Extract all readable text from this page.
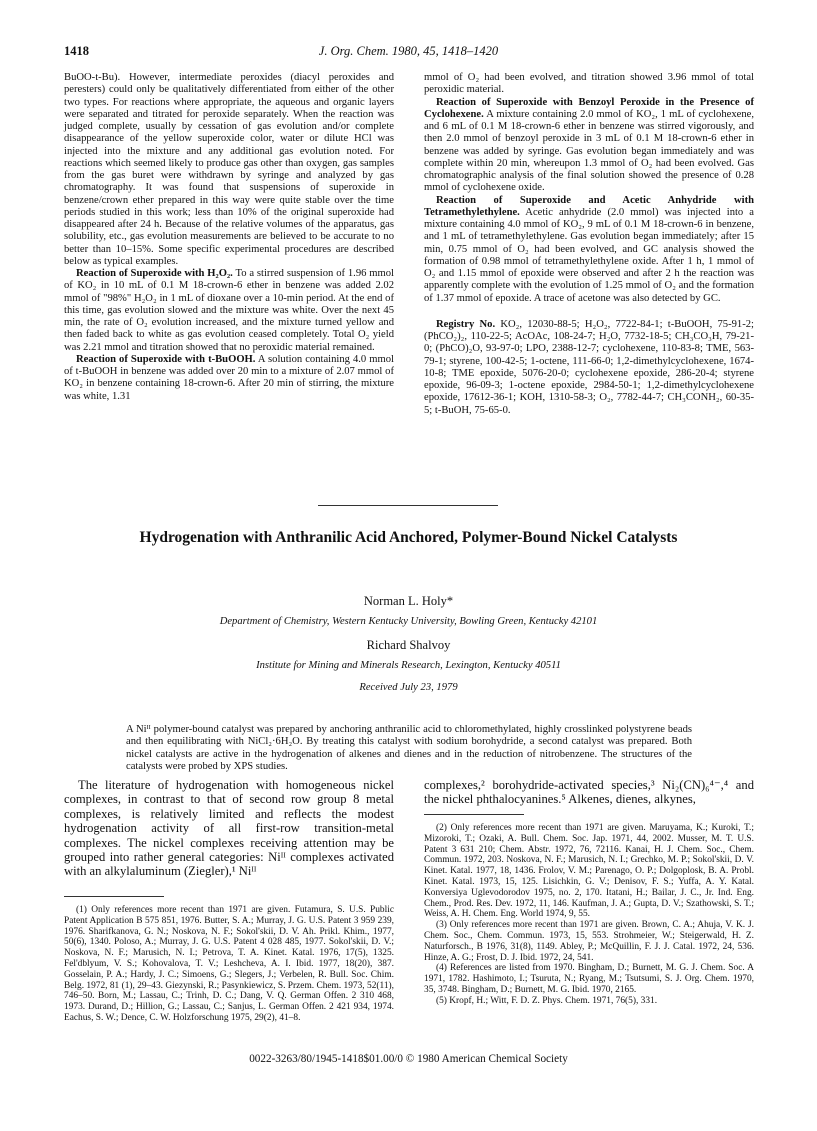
1418	J. Org. Chem. 1980, 45, 1418–1420

BuOO-t-Bu). However, intermediate peroxides (diacyl peroxides and peresters) could only be qualitatively differentiated from either of the other two types. For reactions where appropriate, the aqueous and organic layers were separated and titrated for peroxide separately. When the reaction was judged complete, usually by cessation of gas evolution and/or complete disappearance of the yellow superoxide color, water or dilute HCl was injected into the mixture and any additional gas evolution noted. For reactions which seemed likely to produce gas other than oxygen, gas samples from the gas buret were withdrawn by syringe and analyzed by gas chromatography. It was found that suspensions of superoxide in benzene/crown ether prepared in this way were quite stable over the time periods studied in this work; less than 10% of the original superoxide had disappeared after 24 h. Because of the relative volumes of the apparatus, gas solubility, etc., gas evolution measurements are believed to be accurate to no better than 10–15%. Some specific experimental procedures are described below as typical examples.

Reaction of Superoxide with H₂O₂. To a stirred suspension of 1.96 mmol of KO₂ in 10 mL of 0.1 M 18-crown-6 ether in benzene was added 2.02 mmol of "98%" H₂O₂ in 1 mL of dioxane over a 10-min period. At the end of this time, gas evolution slowed and the mixture was white. Over the next 45 min, the rate of O₂ evolution increased, and the mixture turned yellow and then faded back to white as gas evolution ceased completely. Total O₂ yield was 2.21 mmol and titration showed that no peroxidic material remained.

Reaction of Superoxide with t-BuOOH. A solution containing 4.0 mmol of t-BuOOH in benzene was added over 20 min to a mixture of 2.07 mmol of KO₂ in benzene containing 18-crown-6. After 20 min of stirring, the mixture was white, 1.31

mmol of O₂ had been evolved, and titration showed 3.96 mmol of total peroxidic material.

Reaction of Superoxide with Benzoyl Peroxide in the Presence of Cyclohexene. A mixture containing 2.0 mmol of KO₂, 1 mL of cyclohexene, and 6 mL of 0.1 M 18-crown-6 ether in benzene was stirred vigorously, and then 2.0 mmol of benzoyl peroxide in 3 mL of 0.1 M 18-crown-6 ether in benzene was added by syringe. Gas evolution began immediately and was complete within 20 min, whereupon 1.3 mmol of O₂ had been evolved. Gas chromatographic analysis of the final solution showed the presence of 0.28 mmol of cyclohexene oxide.

Reaction of Superoxide and Acetic Anhydride with Tetramethylethylene. Acetic anhydride (2.0 mmol) was injected into a mixture containing 4.0 mmol of KO₂, 9 mL of 0.1 M 18-crown-6 in benzene, and 1 mL of tetramethylethylene. Gas evolution began immediately; after 15 min, 0.75 mmol of O₂ had been evolved, and GC analysis showed the formation of 0.98 mmol of tetramethylethylene oxide. After 1 h, 1 mmol of O₂ and 1.15 mmol of epoxide were observed and after 2 h the reaction was apparently complete with the evolution of 1.25 mmol of O₂ and the formation of 1.37 mmol of epoxide. A trace of acetone was also detected by GC.

Registry No. KO₂, 12030-88-5; H₂O₂, 7722-84-1; t-BuOOH, 75-91-2; (PhCO₂)₂, 110-22-5; AcOAc, 108-24-7; H₂O, 7732-18-5; CH₃CO₃H, 79-21-0; (PhCO)₂O, 93-97-0; LPO, 2388-12-7; cyclohexene, 110-83-8; TME, 563-79-1; styrene, 100-42-5; 1-octene, 111-66-0; 1,2-dimethylcyclohexene, 1674-10-8; TME epoxide, 5076-20-0; cyclohexene epoxide, 286-20-4; styrene epoxide, 96-09-3; 1-octene epoxide, 2984-50-1; 1,2-dimethylcyclohexene epoxide, 17612-36-1; KOH, 1310-58-3; O₂, 7782-44-7; CH₃CONH₂, 60-35-5; t-BuOH, 75-65-0.

Hydrogenation with Anthranilic Acid Anchored, Polymer-Bound Nickel Catalysts
Norman L. Holy*
Department of Chemistry, Western Kentucky University, Bowling Green, Kentucky 42101
Richard Shalvoy
Institute for Mining and Minerals Research, Lexington, Kentucky 40511
Received July 23, 1979
A Niᴵᴵ polymer-bound catalyst was prepared by anchoring anthranilic acid to chloromethylated, highly crosslinked polystyrene beads and then equilibrating with NiCl₂·6H₂O. By treating this catalyst with sodium borohydride, a second catalyst was prepared. Both nickel catalysts are active in the hydrogenation of alkenes and dienes and in the reduction of nitrobenzene. The structures of the catalysts were probed by XPS studies.

The literature of hydrogenation with homogeneous nickel complexes, in contrast to that of second row group 8 metal complexes, is relatively limited and reflects the modest hydrogenation activity of all first-row transition-metal complexes. The nickel complexes receiving attention may be grouped into rather general categories: Niᴵᴵ complexes activated with an alkylaluminum (Ziegler),¹ Niᴵᴵ

complexes,² borohydride-activated species,³ Ni₂(CN)₆⁴⁻,⁴ and the nickel phthalocyanines.⁵ Alkenes, dienes, alkynes,

(1) Only references more recent than 1971 are given. Futamura, S. U.S. Public Patent Application B 575 851, 1976. Butter, S. A.; Murray, J. G. U.S. Patent 3 959 239, 1976. Sharifkanova, G. N.; Noskova, N. F.; Sokol'skii, D. V. Ah. Prikl. Khim., 1977, 50(6), 1340. Poloso, A.; Murray, J. G. U.S. Patent 4 028 485, 1977. Sokol'skii, D. V.; Noskova, N. F.; Marusich, N. I.; Petrova, T. A. Kinet. Katal. 1976, 17(5), 1325. Fel'dblyum, V. S.; Kohovalova, T. V.; Leshcheva, A. I. Ibid. 1977, 18(20), 387. Gosselain, P. A.; Hardy, J. C.; Simoens, G.; Slegers, J.; Verbelen, R. Bull. Soc. Chim. Belg. 1972, 81 (1), 29–43. Giezynski, R.; Pasynkiewicz, S. Przem. Chem. 1973, 52(11), 746–50. Born, M.; Lassau, C.; Trinh, D. C.; Dang, V. Q. German Offen. 2 310 468, 1973. Durand, D.; Hillion, G.; Lassau, C.; Sanjus, L. German Offen. 2 421 934, 1974. Eachus, S. W.; Dence, C. W. Holzforschung 1975, 29(2), 41–8.

(2) Only references more recent than 1971 are given. Maruyama, K.; Kuroki, T.; Mizoroki, T.; Ozaki, A. Bull. Chem. Soc. Jap. 1971, 44, 2002. Musser, M. T. U.S. Patent 3 631 210; Chem. Abstr. 1972, 76, 72116. Kanai, H. J. Chem. Soc., Chem. Commun. 1972, 203. Noskova, N. F.; Marusich, N. I.; Grechko, M. P.; Sokol'skii, D. V. Kinet. Katal. 1977, 18, 1436. Frolov, V. M.; Parenago, O. P.; Dolgoplosk, B. A. Probl. Kinet. Katal. 1973, 15, 125. Lisichkin, G. V.; Denisov, F. S.; Yuffa, A. Y. Katal. Konversiya Uglevodorodov 1975, no. 2, 170. Itatani, H.; Bailar, J. C., Jr. Ind. Eng. Chem., Prod. Res. Dev. 1972, 11, 146. Kaufman, J. A.; Gupta, D. V.; Szathowski, S. T.; Weiss, A. H. Chem. Eng. World 1974, 9, 55.

(3) Only references more recent than 1971 are given. Brown, C. A.; Ahuja, V. K. J. Chem. Soc., Chem. Commun. 1973, 15, 553. Strohmeier, W.; Steigerwald, H. Z. Naturforsch., B 1976, 31(8), 1149. Abley, P.; McQuillin, F. J. J. Catal. 1972, 24, 536. Hinze, A. G.; Frost, D. J. Ibid. 1972, 24, 541.

(4) References are listed from 1970. Bingham, D.; Burnett, M. G. J. Chem. Soc. A 1971, 1782. Hashimoto, I.; Tsuruta, N.; Ryang, M.; Tsutsumi, S. J. Org. Chem. 1970, 35, 3748. Bingham, D.; Burnett, M. G. Ibid. 1970, 2165.

(5) Kropf, H.; Witt, F. D. Z. Phys. Chem. 1971, 76(5), 331.

0022-3263/80/1945-1418$01.00/0 © 1980 American Chemical Society
